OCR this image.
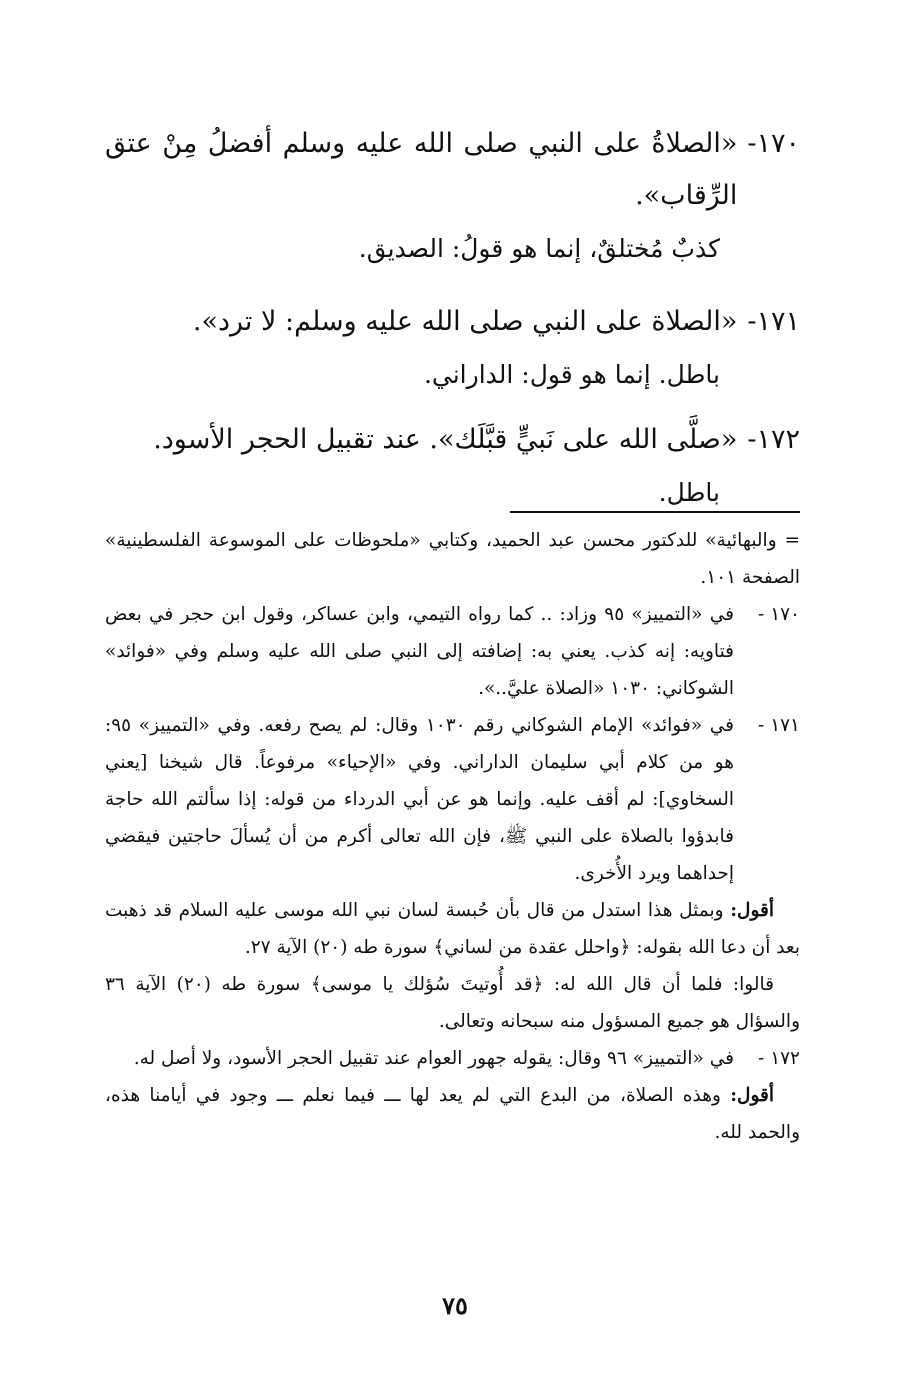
١٧٠-
«الصلاةُ على النبي صلى الله عليه وسلم أفضلُ مِنْ عتق الرِّقاب».
كذبٌ مُختلقٌ، إنما هو قولُ: الصديق.
١٧١-
«الصلاة على النبي صلى الله عليه وسلم: لا ترد».
باطل. إنما هو قول: الداراني.
١٧٢-
«صلَّى الله على نَبيٍّ قبَّلَك». عند تقبيل الحجر الأسود.
باطل.
= والبهائية» للدكتور محسن عبد الحميد، وكتابي «ملحوظات على الموسوعة الفلسطينية» الصفحة ١٠١.
١٧٠ -
في «التمييز» ٩٥ وزاد: .. كما رواه التيمي، وابن عساكر، وقول ابن حجر في بعض فتاويه: إنه كذب. يعني به: إضافته إلى النبي صلى الله عليه وسلم وفي «فوائد» الشوكاني: ١٠٣٠ «الصلاة عليَّ..».
١٧١ -
في «فوائد» الإمام الشوكاني رقم ١٠٣٠ وقال: لم يصح رفعه. وفي «التمييز» ٩٥: هو من كلام أبي سليمان الداراني. وفي «الإحياء» مرفوعاً. قال شيخنا [يعني السخاوي]: لم أقف عليه. وإنما هو عن أبي الدرداء من قوله: إذا سألتم الله حاجة فابدؤوا بالصلاة على النبي ﷺ، فإن الله تعالى أكرم من أن يُسألَ حاجتين فيقضي إحداهما ويرد الأُخرى.
أقول: وبمثل هذا استدل من قال بأن حُبسة لسان نبي الله موسى عليه السلام قد ذهبت بعد أن دعا الله بقوله: ﴿واحلل عقدة من لساني﴾ سورة طه (٢٠) الآية ٢٧.
قالوا: فلما أن قال الله له: ﴿قد أُوتيتَ سُؤلك يا موسى﴾ سورة طه (٢٠) الآية ٣٦ والسؤال هو جميع المسؤول منه سبحانه وتعالى.
١٧٢ -
في «التمييز» ٩٦ وقال: يقوله جهور العوام عند تقبيل الحجر الأسود، ولا أصل له.
أقول: وهذه الصلاة، من البدع التي لم يعد لها ـــ فيما نعلم ـــ وجود في أيامنا هذه، والحمد لله.
٧٥
